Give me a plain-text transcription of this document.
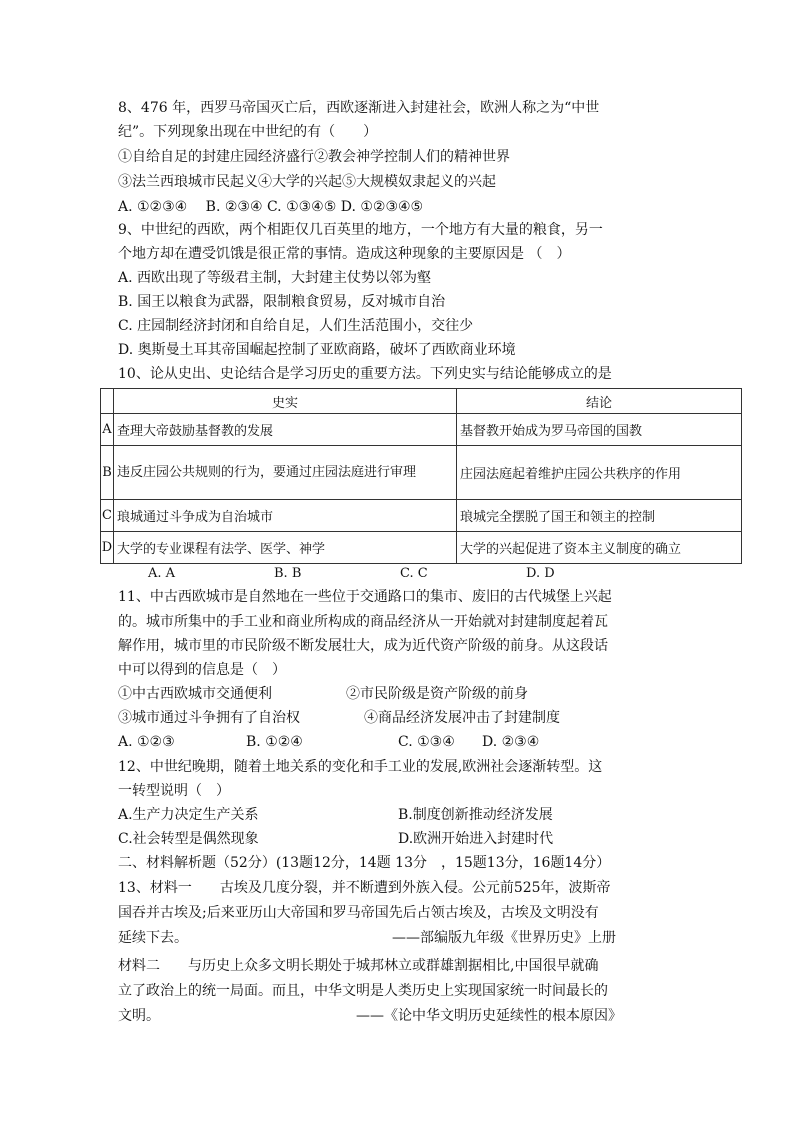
8、476 年，西罗马帝国灭亡后，西欧逐渐进入封建社会，欧洲人称之为“中世
纪”。下列现象出现在中世纪的有（　　）
①自给自足的封建庄园经济盛行②教会神学控制人们的精神世界
③法兰西琅城市民起义④大学的兴起⑤大规模奴隶起义的兴起
A. ①②③④　 B. ②③④ C. ①③④⑤ D. ①②③④⑤
9、中世纪的西欧，两个相距仅几百英里的地方，一个地方有大量的粮食，另一
个地方却在遭受饥饿是很正常的事情。造成这种现象的主要原因是 （　）
A. 西欧出现了等级君主制，大封建主仗势以邻为壑
B. 国王以粮食为武器，限制粮食贸易，反对城市自治
C. 庄园制经济封闭和自给自足，人们生活范围小，交往少
D. 奥斯曼土耳其帝国崛起控制了亚欧商路，破坏了西欧商业环境
10、论从史出、史论结合是学习历史的重要方法。下列史实与结论能够成立的是
	史实	结论
A	查理大帝鼓励基督教的发展	基督教开始成为罗马帝国的国教
B	违反庄园公共规则的行为，要通过庄园法庭进行审理	庄园法庭起着维护庄园公共秩序的作用
C	琅城通过斗争成为自治城市	琅城完全摆脱了国王和领主的控制
D	大学的专业课程有法学、医学、神学	大学的兴起促进了资本主义制度的确立
A. A	B. B	C. C	D. D
11、中古西欧城市是自然地在一些位于交通路口的集市、废旧的古代城堡上兴起
的。城市所集中的手工业和商业所构成的商品经济从一开始就对封建制度起着瓦
解作用，城市里的市民阶级不断发展壮大，成为近代资产阶级的前身。从这段话
中可以得到的信息是（　）
①中古西欧城市交通便利	②市民阶级是资产阶级的前身
③城市通过斗争拥有了自治权	④商品经济发展冲击了封建制度
A. ①②③	B. ①②④	C. ①③④ D. ②③④
12、中世纪晚期，随着土地关系的变化和手工业的发展,欧洲社会逐渐转型。这
一转型说明（　）
A.生产力决定生产关系	B.制度创新推动经济发展
C.社会转型是偶然现象	D.欧洲开始进入封建时代
二、材料解析题（52分）(13题12分，14题 13分　，15题13分，16题14分）
13、材料一　　古埃及几度分裂，并不断遭到外族入侵。公元前525年，波斯帝
国吞并古埃及;后来亚历山大帝国和罗马帝国先后占领古埃及，古埃及文明没有
延续下去。	——部编版九年级《世界历史》上册
材料二　　与历史上众多文明长期处于城邦林立或群雄割据相比,中国很早就确
立了政治上的统一局面。而且，中华文明是人类历史上实现国家统一时间最长的
文明。	——《论中华文明历史延续性的根本原因》
